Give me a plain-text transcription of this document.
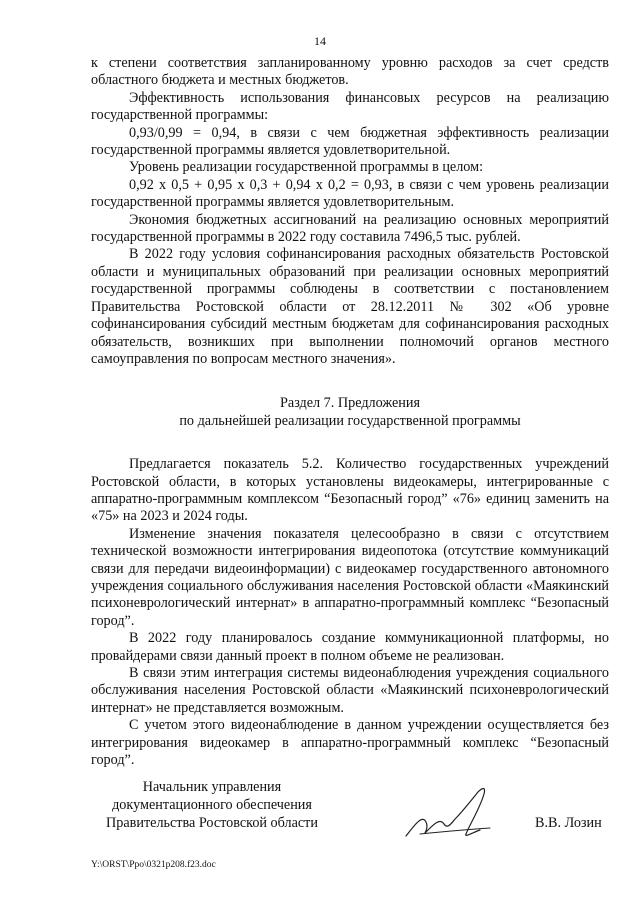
14

к степени соответствия запланированному уровню расходов за счет средств областного бюджета и местных бюджетов.

Эффективность использования финансовых ресурсов на реализацию государственной программы:

0,93/0,99 = 0,94, в связи с чем бюджетная эффективность реализации государственной программы является удовлетворительной.

Уровень реализации государственной программы в целом:

0,92 х 0,5 + 0,95 х 0,3 + 0,94 х 0,2 = 0,93, в связи с чем уровень реализации государственной программы является удовлетворительным.

Экономия бюджетных ассигнований на реализацию основных мероприятий государственной программы в 2022 году составила 7496,5 тыс. рублей.

В 2022 году условия софинансирования расходных обязательств Ростовской области и муниципальных образований при реализации основных мероприятий государственной программы соблюдены в соответствии с постановлением Правительства Ростовской области от 28.12.2011 № 302 «Об уровне софинансирования субсидий местным бюджетам для софинансирования расходных обязательств, возникших при выполнении полномочий органов местного самоуправления по вопросам местного значения».

Раздел 7. Предложения
по дальнейшей реализации государственной программы

Предлагается показатель 5.2. Количество государственных учреждений Ростовской области, в которых установлены видеокамеры, интегрированные с аппаратно-программным комплексом “Безопасный город” «76» единиц заменить на «75» на 2023 и 2024 годы.

Изменение значения показателя целесообразно в связи с отсутствием технической возможности интегрирования видеопотока (отсутствие коммуникаций связи для передачи видеоинформации) с видеокамер государственного автономного учреждения социального обслуживания населения Ростовской области «Маякинский психоневрологический интернат» в аппаратно-программный комплекс “Безопасный город”.

В 2022 году планировалось создание коммуникационной платформы, но провайдерами связи данный проект в полном объеме не реализован.

В связи этим интеграция системы видеонаблюдения учреждения социального обслуживания населения Ростовской области «Маякинский психоневрологический интернат» не представляется возможным.

С учетом этого видеонаблюдение в данном учреждении осуществляется без интегрирования видеокамер в аппаратно-программный комплекс “Безопасный город”.

Начальник управления
документационного обеспечения
Правительства Ростовской области	В.В. Лозин
Y:\ORST\Ppo\0321p208.f23.doc
